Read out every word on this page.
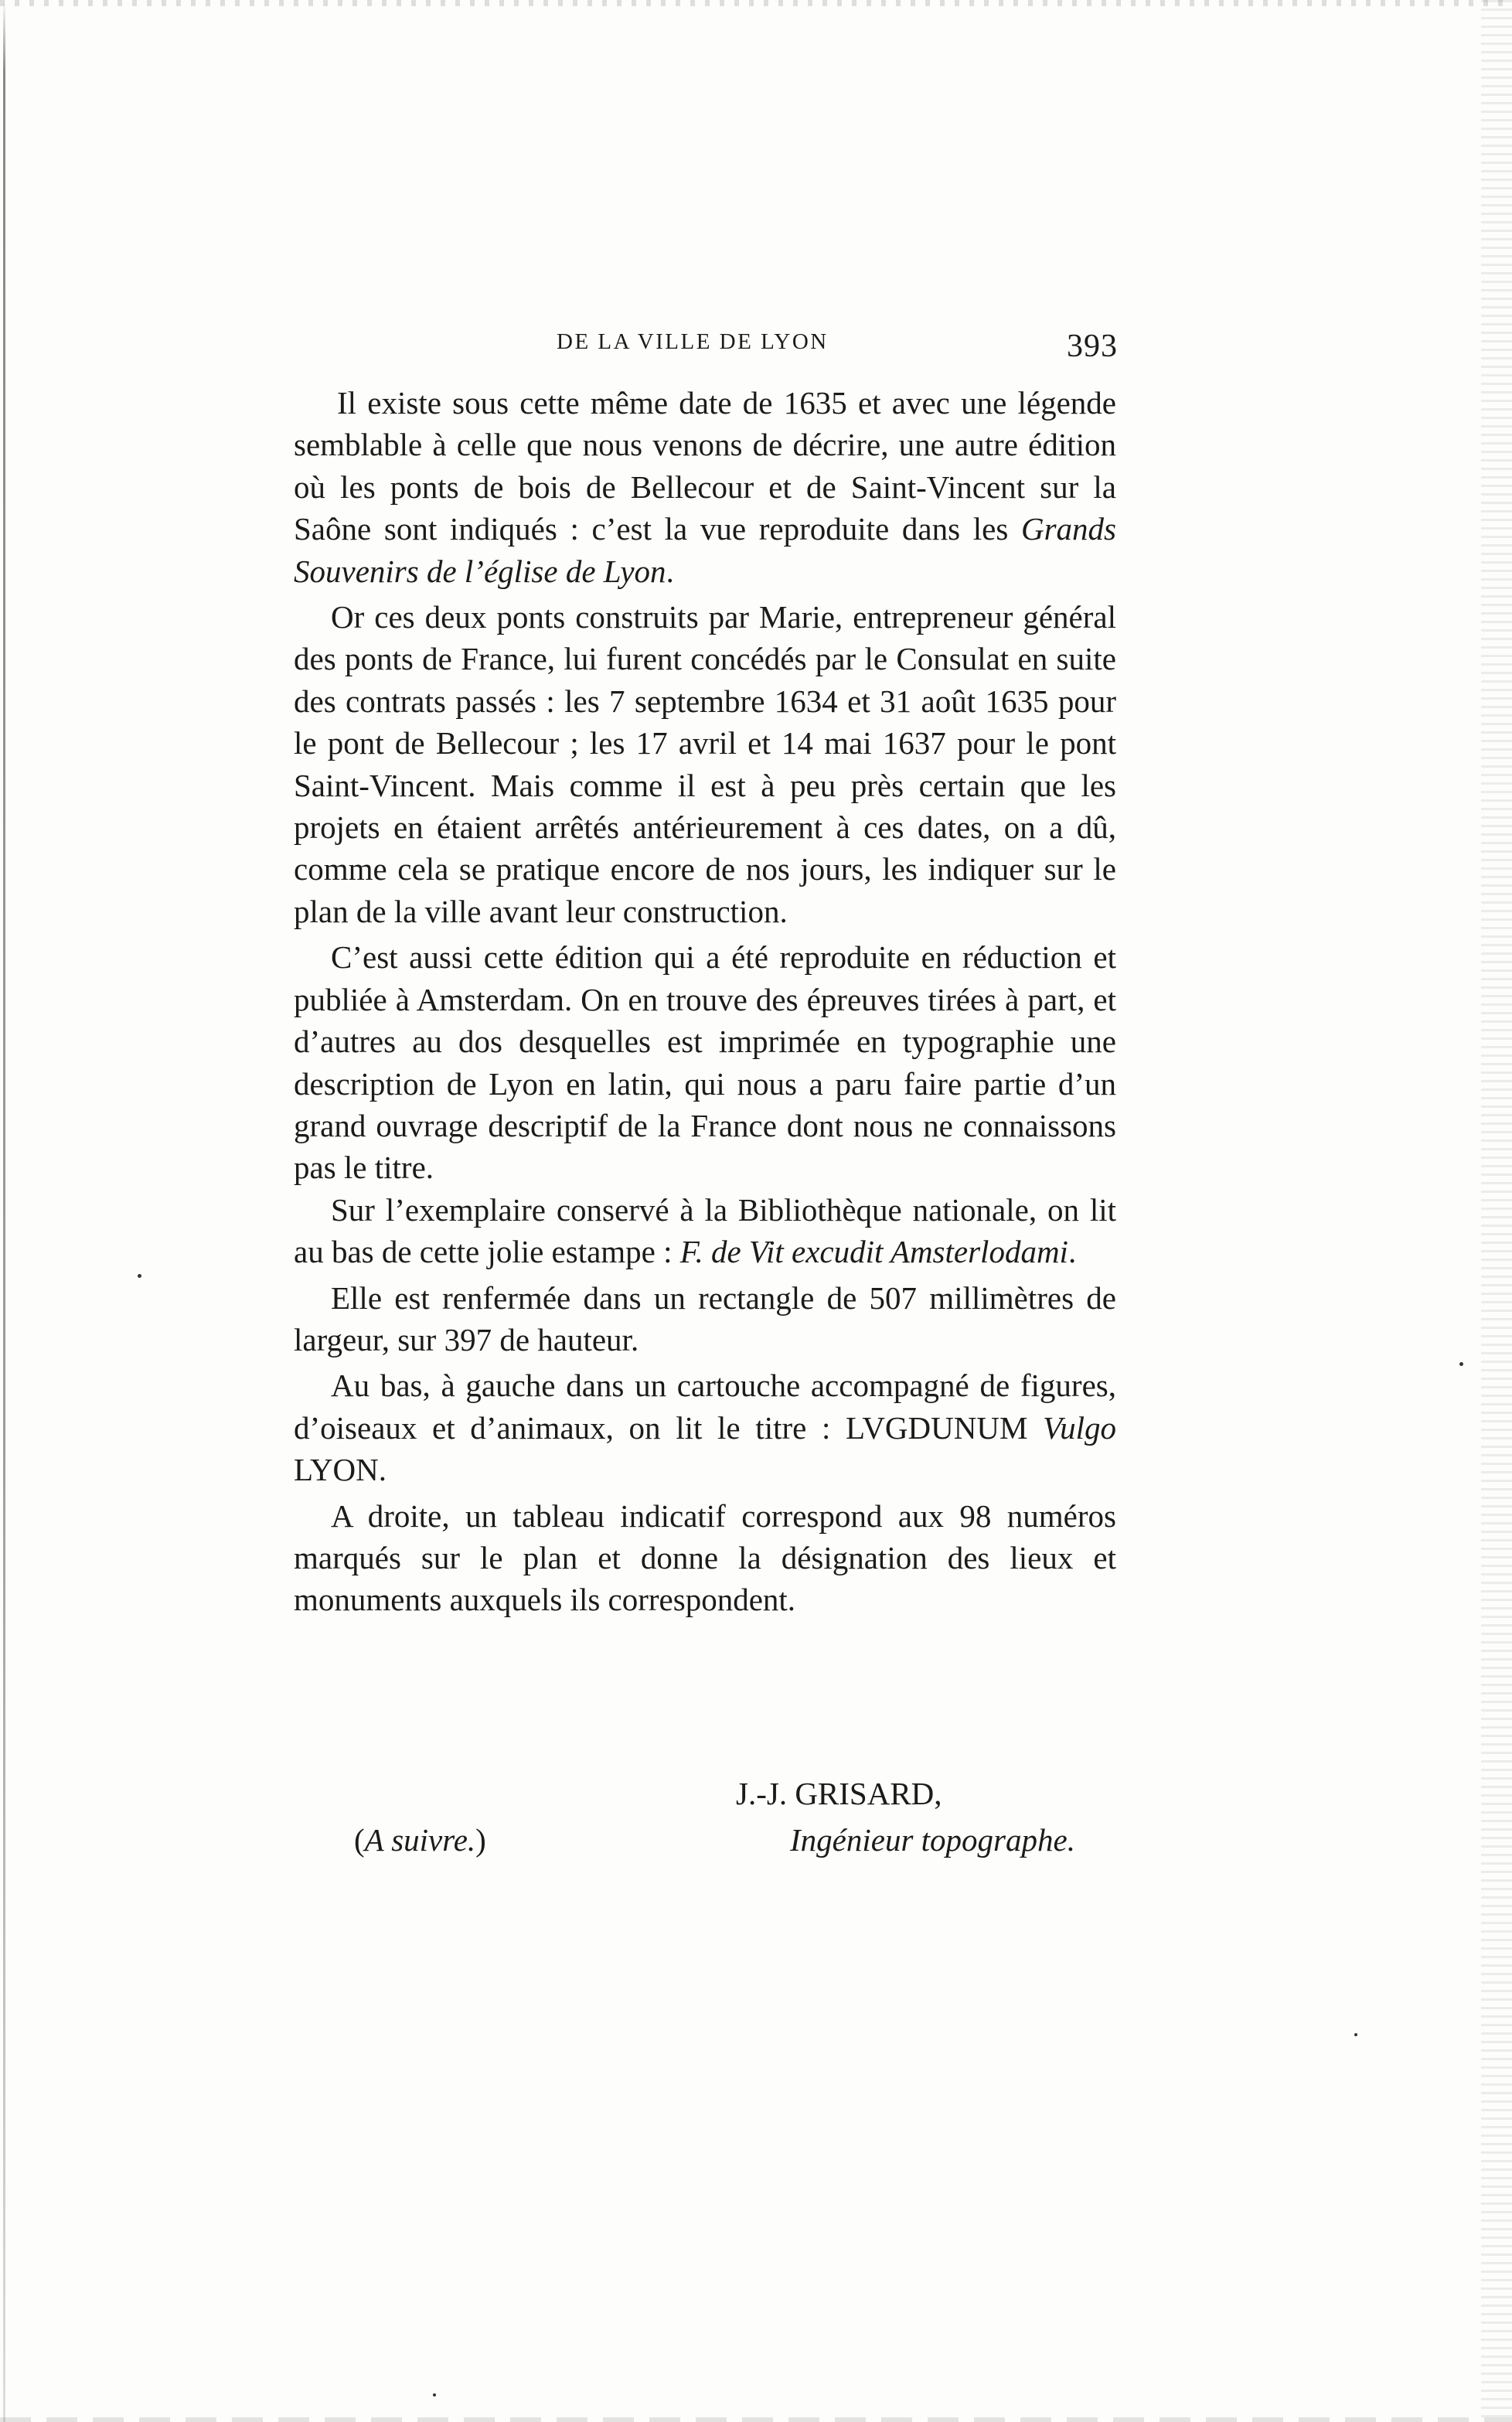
DE LA VILLE DE LYON	393

Il existe sous cette même date de 1635 et avec une légende semblable à celle que nous venons de décrire, une autre édition où les ponts de bois de Bellecour et de Saint-Vincent sur la Saône sont indiqués : c’est la vue reproduite dans les Grands Souvenirs de l’église de Lyon.

Or ces deux ponts construits par Marie, entrepreneur général des ponts de France, lui furent concédés par le Consulat en suite des contrats passés : les 7 septembre 1634 et 31 août 1635 pour le pont de Bellecour ; les 17 avril et 14 mai 1637 pour le pont Saint-Vincent. Mais comme il est à peu près certain que les projets en étaient arrêtés antérieurement à ces dates, on a dû, comme cela se pratique encore de nos jours, les indiquer sur le plan de la ville avant leur construction.

C’est aussi cette édition qui a été reproduite en réduction et publiée à Amsterdam. On en trouve des épreuves tirées à part, et d’autres au dos desquelles est imprimée en typographie une description de Lyon en latin, qui nous a paru faire partie d’un grand ouvrage descriptif de la France dont nous ne connaissons pas le titre.

Sur l’exemplaire conservé à la Bibliothèque nationale, on lit au bas de cette jolie estampe : F. de Vit excudit Amsterlodami.

Elle est renfermée dans un rectangle de 507 millimètres de largeur, sur 397 de hauteur.

Au bas, à gauche dans un cartouche accompagné de figures, d’oiseaux et d’animaux, on lit le titre : LVGDUNUM Vulgo LYON.

A droite, un tableau indicatif correspond aux 98 numéros marqués sur le plan et donne la désignation des lieux et monuments auxquels ils correspondent.

J.-J. GRISARD,
(A suivre.)	Ingénieur topographe.
